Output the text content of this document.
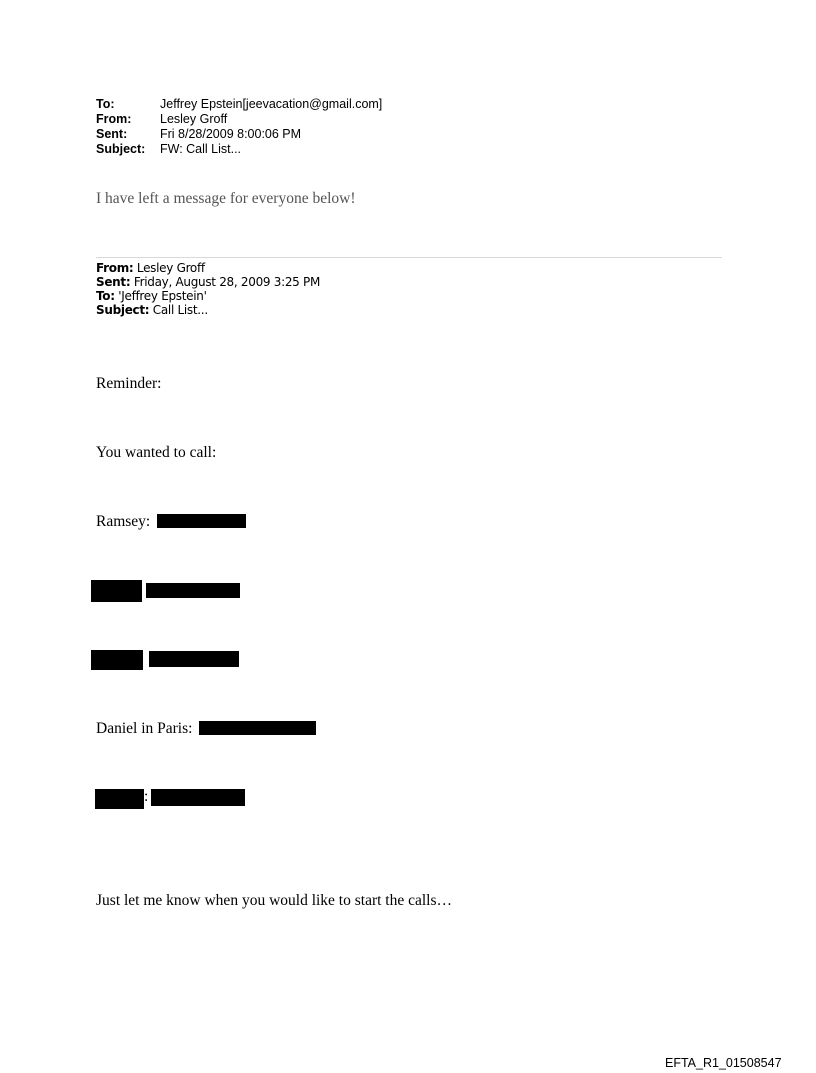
To:	Jeffrey Epstein[jeevacation@gmail.com]
From: Lesley Groff
Sent:	Fri 8/28/2009 8:00:06 PM
Subject: FW: Call List...
I have left a message for everyone below!
From: Lesley Groff
Sent: Friday, August 28, 2009 3:25 PM
To: 'Jeffrey Epstein'
Subject: Call List...
Reminder:
You wanted to call:
Ramsey:
Daniel in Paris:
:
Just let me know when you would like to start the calls…
EFTA_R1_01508547
